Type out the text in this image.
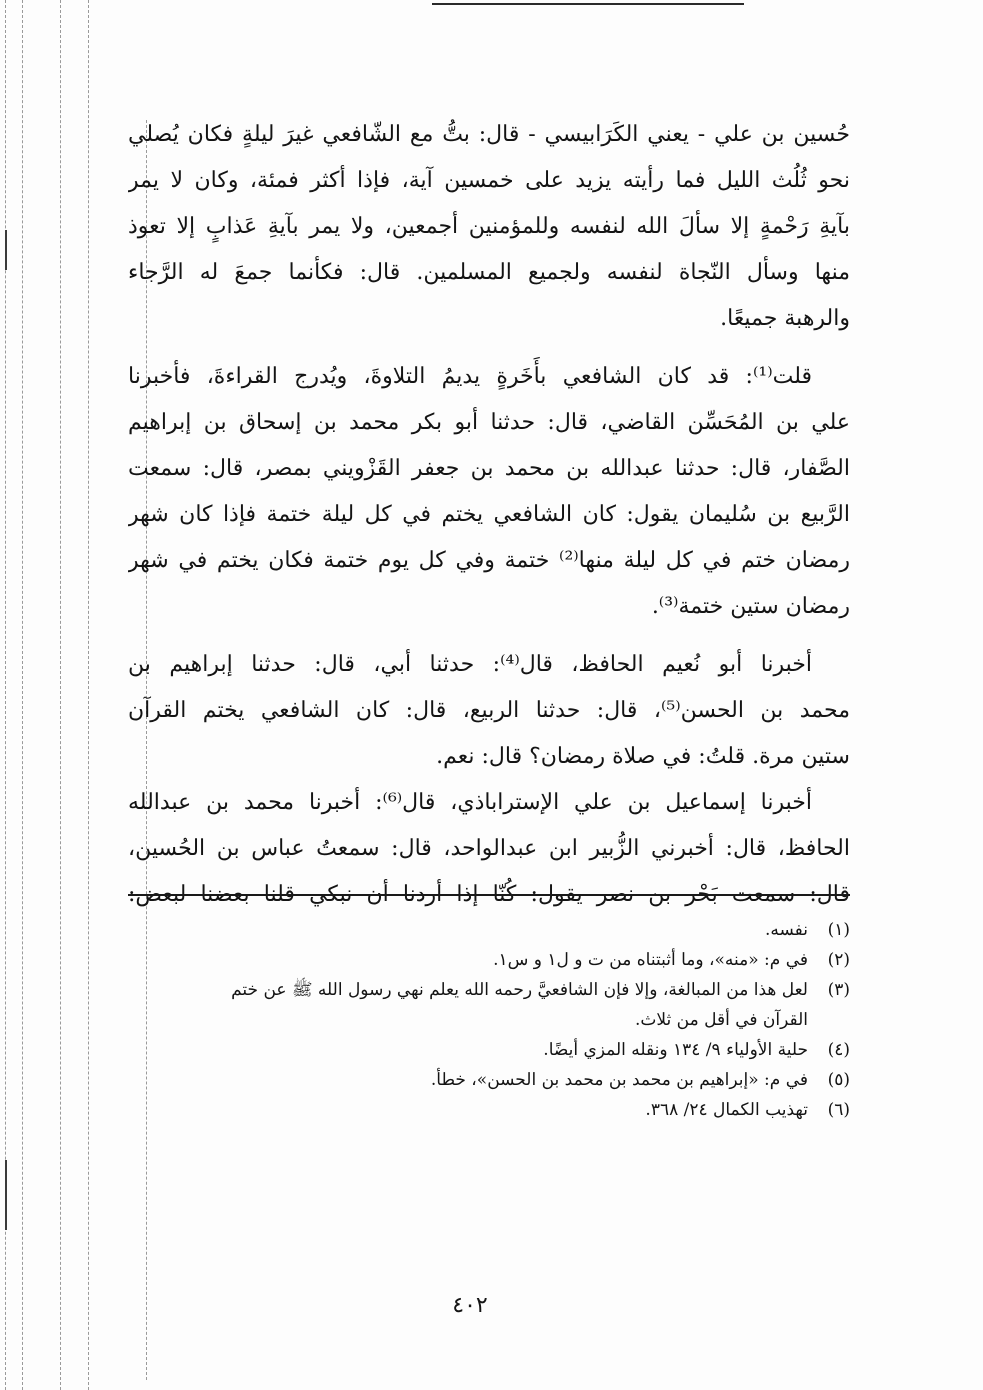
حُسين بن علي - يعني الكَرَابيسي - قال: بتُّ مع الشّافعي غيرَ ليلةٍ فكان يُصلي
نحو ثُلُث الليل فما رأيته يزيد على خمسين آية، فإذا أكثر فمئة، وكان لا يمر
بآيةِ رَحْمةٍ إلا سألَ الله لنفسه وللمؤمنين أجمعين، ولا يمر بآيةِ عَذابٍ إلا تعوذ
منها وسأل النّجاة لنفسه ولجميع المسلمين. قال: فكأنما جمعَ له الرَّجاء
والرهبة جميعًا.
قلت⁽¹⁾: قد كان الشافعي بأَخَرةٍ يديمُ التلاوةَ، ويُدرج القراءةَ، فأخبرنا
علي بن المُحَسِّن القاضي، قال: حدثنا أبو بكر محمد بن إسحاق بن إبراهيم
الصَّفار، قال: حدثنا عبدالله بن محمد بن جعفر القَزْويني بمصر، قال: سمعت
الرَّبيع بن سُليمان يقول: كان الشافعي يختم في كل ليلة ختمة فإذا كان شهر
رمضان ختم في كل ليلة منها⁽²⁾ ختمة وفي كل يوم ختمة فكان يختم في شهر
رمضان ستين ختمة⁽³⁾.
أخبرنا أبو نُعيم الحافظ، قال⁽⁴⁾: حدثنا أبي، قال: حدثنا إبراهيم بن
محمد بن الحسن⁽⁵⁾، قال: حدثنا الربيع، قال: كان الشافعي يختم القرآن
ستين مرة. قلتُ: في صلاة رمضان؟ قال: نعم.
أخبرنا إسماعيل بن علي الإستراباذي، قال⁽⁶⁾: أخبرنا محمد بن عبدالله
الحافظ، قال: أخبرني الزُّبير ابن عبدالواحد، قال: سمعتُ عباس بن الحُسين،
قال: سمعت بَحْر بن نصر يقول: كُنّا إذا أردنا أن نبكي قلنا بعضنا لبعض:
(١)
نفسه.
(٢)
في م: «منه»، وما أثبتناه من ت و ل١ و س١.
(٣)
لعل هذا من المبالغة، وإلا فإن الشافعيَّ رحمه الله يعلم نهي رسول الله ﷺ عن ختم
القرآن في أقل من ثلاث.
(٤)
حلية الأولياء ٩/ ١٣٤ ونقله المزي أيضًا.
(٥)
في م: «إبراهيم بن محمد بن محمد بن الحسن»، خطأ.
(٦)
تهذيب الكمال ٢٤/ ٣٦٨.
٤٠٢
